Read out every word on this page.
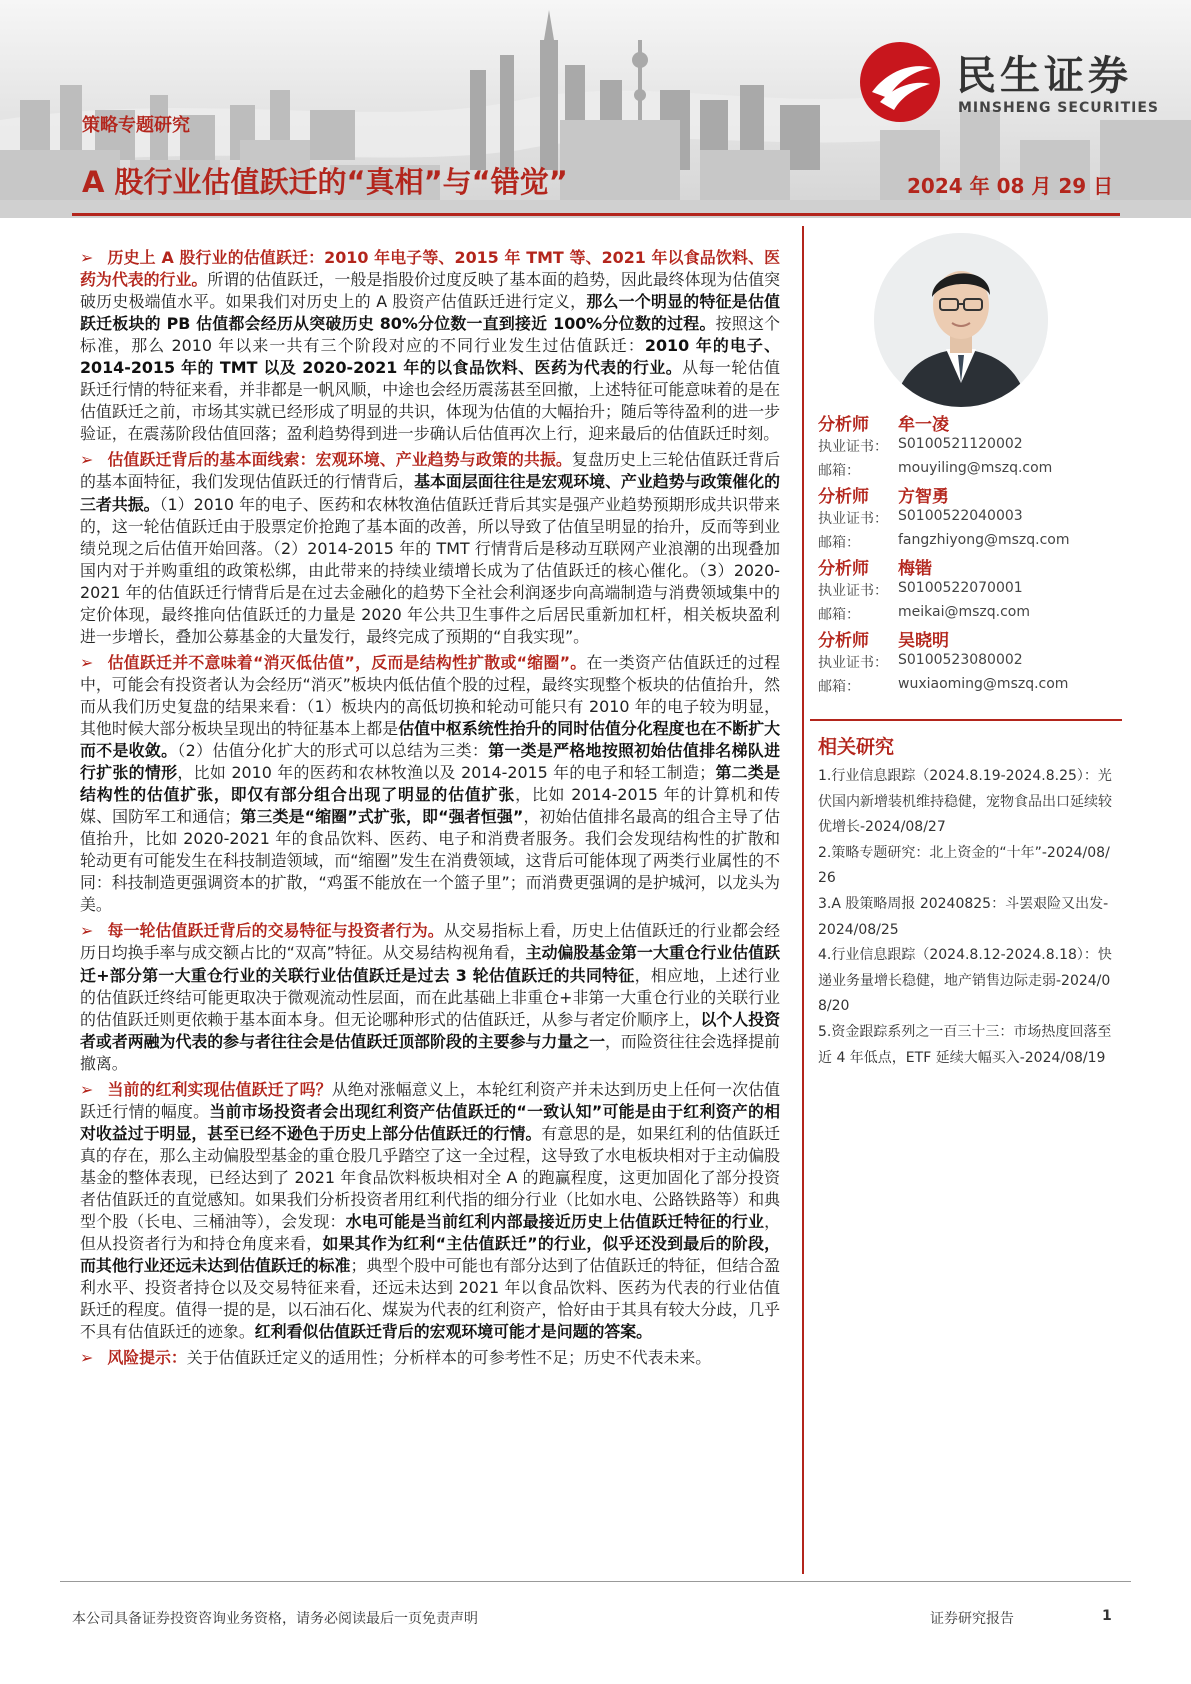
民生证券
MINSHENG SECURITIES
策略专题研究
A 股行业估值跃迁的“真相”与“错觉”	2024 年 08 月 29 日

➢ 历史上 A 股行业的估值跃迁：2010 年电子等、2015 年 TMT 等、2021 年以食品饮料、医药为代表的行业。所谓的估值跃迁，一般是指股价过度反映了基本面的趋势，因此最终体现为估值突破历史极端值水平。如果我们对历史上的 A 股资产估值跃迁进行定义，那么一个明显的特征是估值跃迁板块的 PB 估值都会经历从突破历史 80%分位数一直到接近 100%分位数的过程。按照这个标准，那么 2010 年以来一共有三个阶段对应的不同行业发生过估值跃迁：2010 年的电子、2014-2015 年的 TMT 以及 2020-2021 年的以食品饮料、医药为代表的行业。从每一轮估值跃迁行情的特征来看，并非都是一帆风顺，中途也会经历震荡甚至回撤，上述特征可能意味着的是在估值跃迁之前，市场其实就已经形成了明显的共识，体现为估值的大幅抬升；随后等待盈利的进一步验证，在震荡阶段估值回落；盈利趋势得到进一步确认后估值再次上行，迎来最后的估值跃迁时刻。

➢ 估值跃迁背后的基本面线索：宏观环境、产业趋势与政策的共振。复盘历史上三轮估值跃迁背后的基本面特征，我们发现估值跃迁的行情背后，基本面层面往往是宏观环境、产业趋势与政策催化的三者共振。（1）2010 年的电子、医药和农林牧渔估值跃迁背后其实是强产业趋势预期形成共识带来的，这一轮估值跃迁由于股票定价抢跑了基本面的改善，所以导致了估值呈明显的抬升，反而等到业绩兑现之后估值开始回落。（2）2014-2015 年的 TMT 行情背后是移动互联网产业浪潮的出现叠加国内对于并购重组的政策松绑，由此带来的持续业绩增长成为了估值跃迁的核心催化。（3）2020-2021 年的估值跃迁行情背后是在过去金融化的趋势下全社会利润逐步向高端制造与消费领域集中的定价体现，最终推向估值跃迁的力量是 2020 年公共卫生事件之后居民重新加杠杆，相关板块盈利进一步增长，叠加公募基金的大量发行，最终完成了预期的“自我实现”。

➢ 估值跃迁并不意味着“消灭低估值”，反而是结构性扩散或“缩圈”。在一类资产估值跃迁的过程中，可能会有投资者认为会经历“消灭”板块内低估值个股的过程，最终实现整个板块的估值抬升，然而从我们历史复盘的结果来看：（1）板块内的高低切换和轮动可能只有 2010 年的电子较为明显，其他时候大部分板块呈现出的特征基本上都是估值中枢系统性抬升的同时估值分化程度也在不断扩大而不是收敛。（2）估值分化扩大的形式可以总结为三类：第一类是严格地按照初始估值排名梯队进行扩张的情形，比如 2010 年的医药和农林牧渔以及 2014-2015 年的电子和轻工制造；第二类是结构性的估值扩张，即仅有部分组合出现了明显的估值扩张，比如 2014-2015 年的计算机和传媒、国防军工和通信；第三类是“缩圈”式扩张，即“强者恒强”，初始估值排名最高的组合主导了估值抬升，比如 2020-2021 年的食品饮料、医药、电子和消费者服务。我们会发现结构性的扩散和轮动更有可能发生在科技制造领域，而“缩圈”发生在消费领域，这背后可能体现了两类行业属性的不同：科技制造更强调资本的扩散，“鸡蛋不能放在一个篮子里”；而消费更强调的是护城河，以龙头为美。

➢ 每一轮估值跃迁背后的交易特征与投资者行为。从交易指标上看，历史上估值跃迁的行业都会经历日均换手率与成交额占比的“双高”特征。从交易结构视角看，主动偏股基金第一大重仓行业估值跃迁+部分第一大重仓行业的关联行业估值跃迁是过去 3 轮估值跃迁的共同特征，相应地，上述行业的估值跃迁终结可能更取决于微观流动性层面，而在此基础上非重仓+非第一大重仓行业的关联行业的估值跃迁则更依赖于基本面本身。但无论哪种形式的估值跃迁，从参与者定价顺序上，以个人投资者或者两融为代表的参与者往往会是估值跃迁顶部阶段的主要参与力量之一，而险资往往会选择提前撤离。

➢ 当前的红利实现估值跃迁了吗？从绝对涨幅意义上，本轮红利资产并未达到历史上任何一次估值跃迁行情的幅度。当前市场投资者会出现红利资产估值跃迁的“一致认知”可能是由于红利资产的相对收益过于明显，甚至已经不逊色于历史上部分估值跃迁的行情。有意思的是，如果红利的估值跃迁真的存在，那么主动偏股型基金的重仓股几乎踏空了这一全过程，这导致了水电板块相对于主动偏股基金的整体表现，已经达到了 2021 年食品饮料板块相对全 A 的跑赢程度，这更加固化了部分投资者估值跃迁的直觉感知。如果我们分析投资者用红利代指的细分行业（比如水电、公路铁路等）和典型个股（长电、三桶油等），会发现：水电可能是当前红利内部最接近历史上估值跃迁特征的行业，但从投资者行为和持仓角度来看，如果其作为红利“主估值跃迁”的行业，似乎还没到最后的阶段，而其他行业还远未达到估值跃迁的标准；典型个股中可能也有部分达到了估值跃迁的特征，但结合盈利水平、投资者持仓以及交易特征来看，还远未达到 2021 年以食品饮料、医药为代表的行业估值跃迁的程度。值得一提的是，以石油石化、煤炭为代表的红利资产，恰好由于其具有较大分歧，几乎不具有估值跃迁的迹象。红利看似估值跃迁背后的宏观环境可能才是问题的答案。

➢ 风险提示：关于估值跃迁定义的适用性；分析样本的可参考性不足；历史不代表未来。

分析师 牟一凌
执业证书： S0100521120002
邮箱：	mouyiling@mszq.com
分析师 方智勇
执业证书： S0100522040003
邮箱：	fangzhiyong@mszq.com
分析师 梅锴
执业证书： S0100522070001
邮箱：	meikai@mszq.com
分析师 吴晓明
执业证书： S0100523080002
邮箱：	wuxiaoming@mszq.com
相关研究
1.行业信息跟踪（2024.8.19-2024.8.25）：光伏国内新增装机维持稳健，宠物食品出口延续较优增长-2024/08/27
2.策略专题研究：北上资金的“十年”-2024/08/26
3.A 股策略周报 20240825：斗罢艰险又出发-2024/08/25
4.行业信息跟踪（2024.8.12-2024.8.18）：快递业务量增长稳健，地产销售边际走弱-2024/08/20
5.资金跟踪系列之一百三十三：市场热度回落至近 4 年低点，ETF 延续大幅买入-2024/08/19
本公司具备证券投资咨询业务资格，请务必阅读最后一页免责声明	证券研究报告	1
